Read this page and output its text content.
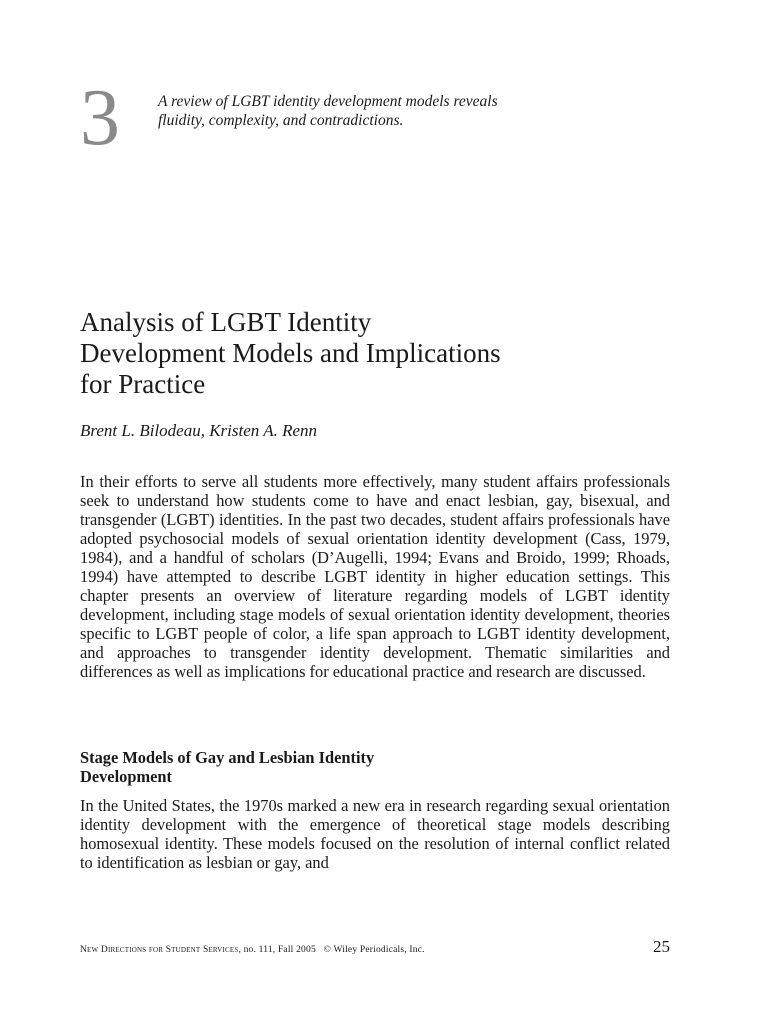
3 A review of LGBT identity development models reveals
fluidity, complexity, and contradictions.
Analysis of LGBT Identity
Development Models and Implications
for Practice
Brent L. Bilodeau, Kristen A. Renn

In their efforts to serve all students more effectively, many student affairs professionals seek to understand how students come to have and enact lesbian, gay, bisexual, and transgender (LGBT) identities. In the past two decades, student affairs professionals have adopted psychosocial models of sexual orientation identity development (Cass, 1979, 1984), and a handful of scholars (D’Augelli, 1994; Evans and Broido, 1999; Rhoads, 1994) have attempted to describe LGBT identity in higher education settings. This chapter presents an overview of literature regarding models of LGBT identity development, including stage models of sexual orientation identity development, theories specific to LGBT people of color, a life span approach to LGBT identity development, and approaches to transgender identity development. Thematic similarities and differences as well as implications for educational practice and research are discussed.

Stage Models of Gay and Lesbian Identity
Development

In the United States, the 1970s marked a new era in research regarding sexual orientation identity development with the emergence of theoretical stage models describing homosexual identity. These models focused on the resolution of internal conflict related to identification as lesbian or gay, and

New Directions for Student Services, no. 111, Fall 2005 © Wiley Periodicals, Inc.	25
